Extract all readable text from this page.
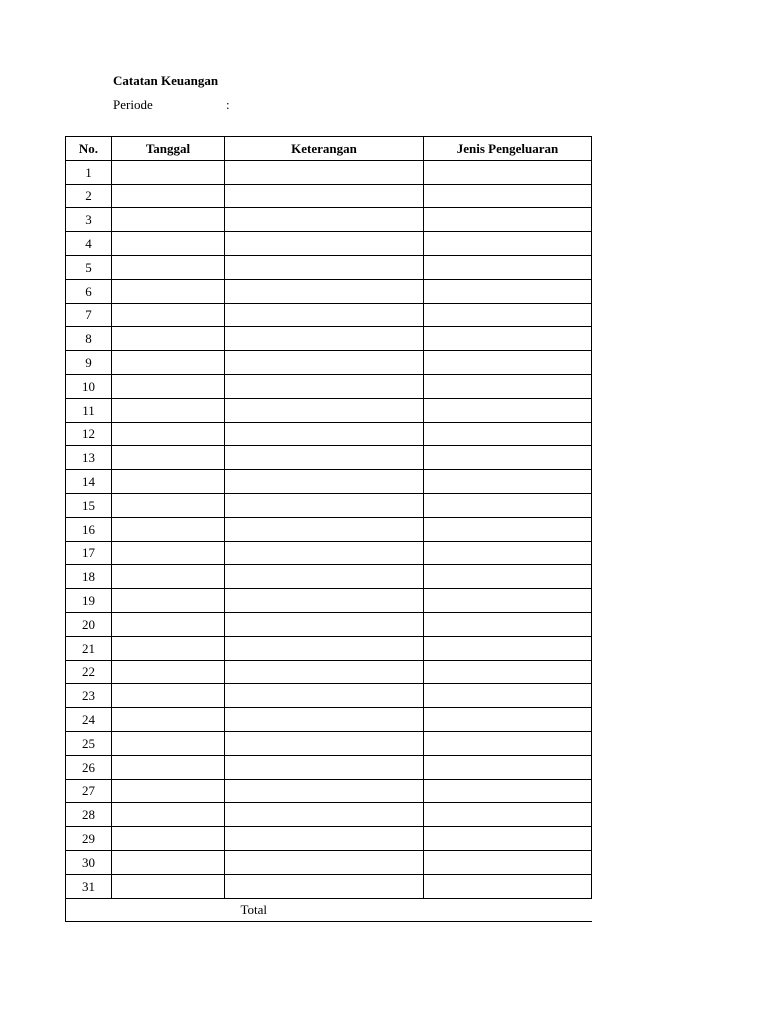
Catatan Keuangan
Periode	:
No.	Tanggal	Keterangan	Jenis Pengeluaran
1			
2			
3			
4			
5			
6			
7			
8			
9			
10			
11			
12			
13			
14			
15			
16			
17			
18			
19			
20			
21			
22			
23			
24			
25			
26			
27			
28			
29			
30			
31			
		Total	
